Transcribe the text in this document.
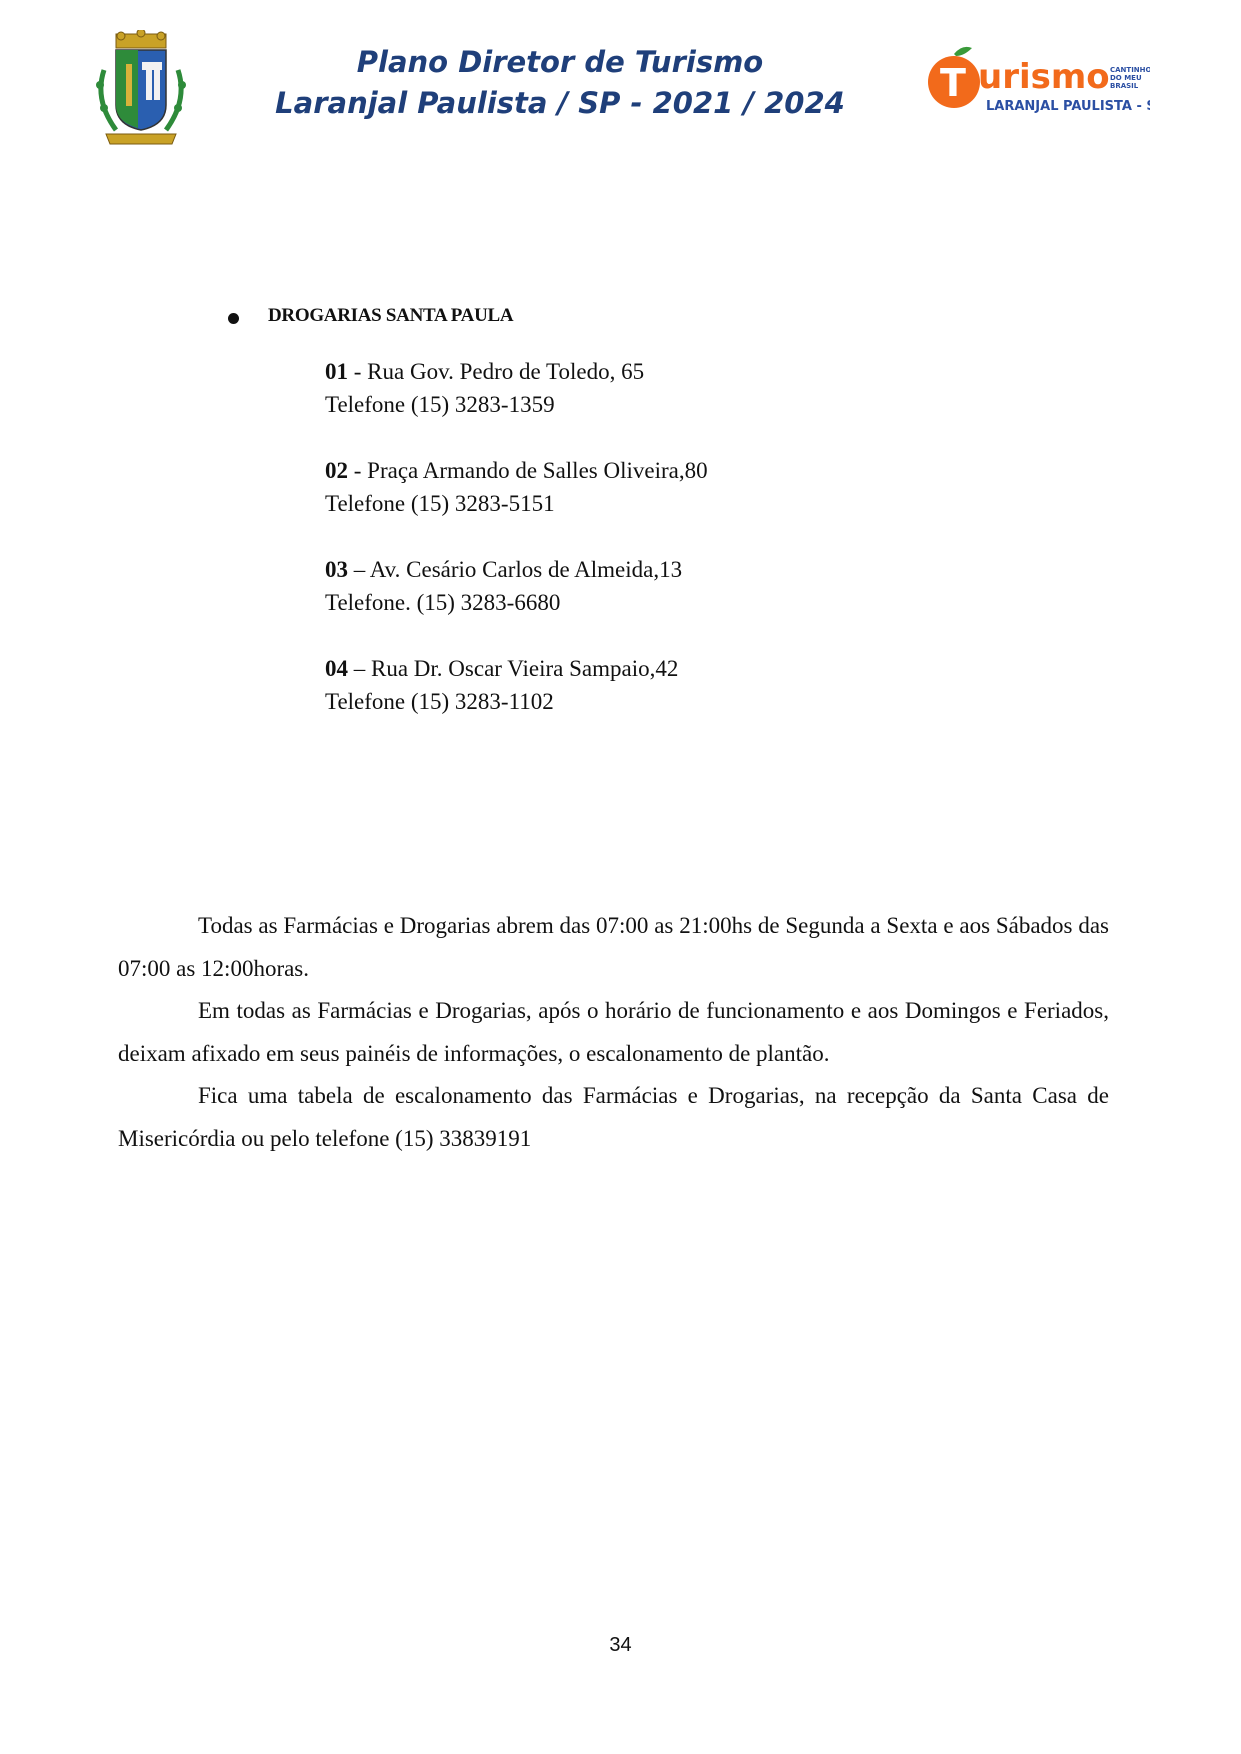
Plano Diretor de Turismo
Laranjal Paulista / SP - 2021 / 2024	T urismo CANTINHO
DO MEU
BRASIL
LARANJAL PAULISTA - SP
DROGARIAS SANTA PAULA
01 - Rua Gov. Pedro de Toledo, 65
Telefone (15) 3283-1359
02 - Praça Armando de Salles Oliveira,80
Telefone (15) 3283-5151
03 – Av. Cesário Carlos de Almeida,13
Telefone. (15) 3283-6680
04 – Rua Dr. Oscar Vieira Sampaio,42
Telefone (15) 3283-1102

Todas as Farmácias e Drogarias abrem das 07:00 as 21:00hs de Segunda a Sexta e aos Sábados das 07:00 as 12:00horas.

Em todas as Farmácias e Drogarias, após o horário de funcionamento e aos Domingos e Feriados, deixam afixado em seus painéis de informações, o escalonamento de plantão.

Fica uma tabela de escalonamento das Farmácias e Drogarias, na recepção da Santa Casa de Misericórdia ou pelo telefone (15) 33839191

34
